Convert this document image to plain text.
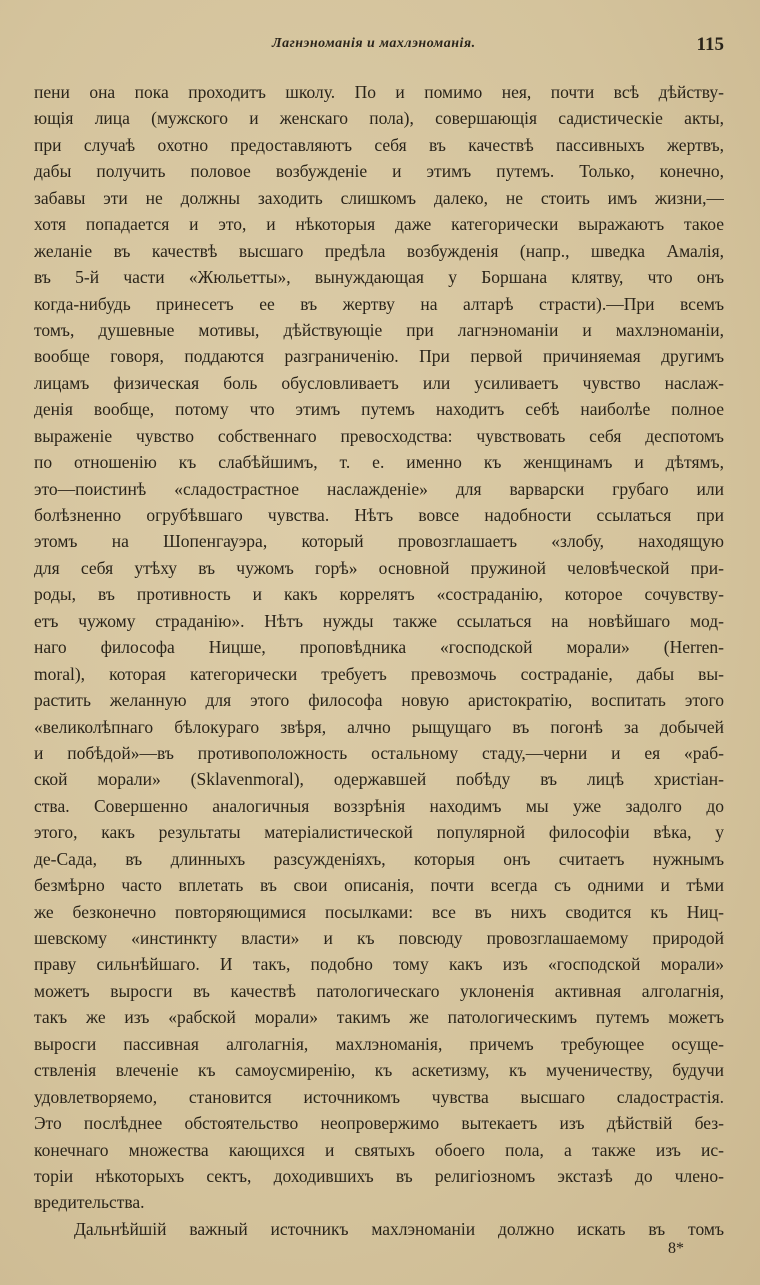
Лагнэноманія и махлэноманія.	115
пени она пока проходитъ школу. По и помимо нея, почти всѣ дѣйству-
ющія лица (мужского и женскаго пола), совершающія садистическіе акты,
при случаѣ охотно предоставляютъ себя въ качествѣ пассивныхъ жертвъ,
дабы получить половое возбужденіе и этимъ путемъ. Только, конечно,
забавы эти не должны заходить слишкомъ далеко, не стоить имъ жизни,—
хотя попадается и это, и нѣкоторыя даже категорически выражаютъ такое
желаніе въ качествѣ высшаго предѣла возбужденія (напр., шведка Амалія,
въ 5-й части «Жюльетты», вынуждающая у Боршана клятву, что онъ
когда-нибудь принесетъ ее въ жертву на алтарѣ страсти).—При всемъ
томъ, душевные мотивы, дѣйствующіе при лагнэноманіи и махлэноманіи,
вообще говоря, поддаются разграниченію. При первой причиняемая другимъ
лицамъ физическая боль обусловливаетъ или усиливаетъ чувство наслаж-
денія вообще, потому что этимъ путемъ находитъ себѣ наиболѣе полное
выраженіе чувство собственнаго превосходства: чувствовать себя деспотомъ
по отношенію къ слабѣйшимъ, т. е. именно къ женщинамъ и дѣтямъ,
это—поистинѣ «сладострастное наслажденіе» для варварски грубаго или
болѣзненно огрубѣвшаго чувства. Нѣтъ вовсе надобности ссылаться при
этомъ на Шопенгауэра, который провозглашаетъ «злобу, находящую
для себя утѣху въ чужомъ горѣ» основной пружиной человѣческой при-
роды, въ противность и какъ коррелятъ «состраданію, которое сочувству-
етъ чужому страданію». Нѣтъ нужды также ссылаться на новѣйшаго мод-
наго философа Ницше, проповѣдника «господской морали» (Herren-
moral), которая категорически требуетъ превозмочь состраданіе, дабы вы-
растить желанную для этого философа новую аристократію, воспитать этого
«великолѣпнаго бѣлокураго звѣря, алчно рыщущаго въ погонѣ за добычей
и побѣдой»—въ противоположность остальному стаду,—черни и ея «раб-
ской морали» (Sklavenmoral), одержавшей побѣду въ лицѣ христіан-
ства. Совершенно аналогичныя воззрѣнія находимъ мы уже задолго до
этого, какъ результаты матеріалистической популярной философіи вѣка, у
де-Сада, въ длинныхъ разсужденіяхъ, которыя онъ считаетъ нужнымъ
безмѣрно часто вплетать въ свои описанія, почти всегда съ одними и тѣми
же безконечно повторяющимися посылками: все въ нихъ сводится къ Ниц-
шевскому «инстинкту власти» и къ повсюду провозглашаемому природой
праву сильнѣйшаго. И такъ, подобно тому какъ изъ «господской морали»
можетъ выросги въ качествѣ патологическаго уклоненія активная алголагнія,
такъ же изъ «рабской морали» такимъ же патологическимъ путемъ можетъ
выросги пассивная алголагнія, махлэноманія, причемъ требующее осуще-
ствленія влеченіе къ самоусмиренію, къ аскетизму, къ мученичеству, будучи
удовлетворяемо, становится источникомъ чувства высшаго сладострастія.
Это послѣднее обстоятельство неопровержимо вытекаетъ изъ дѣйствій без-
конечнаго множества кающихся и святыхъ обоего пола, а также изъ ис-
торіи нѣкоторыхъ сектъ, доходившихъ въ религіозномъ экстазѣ до члено-
вредительства.
Дальнѣйшій важный источникъ махлэноманіи должно искать въ томъ
8*
